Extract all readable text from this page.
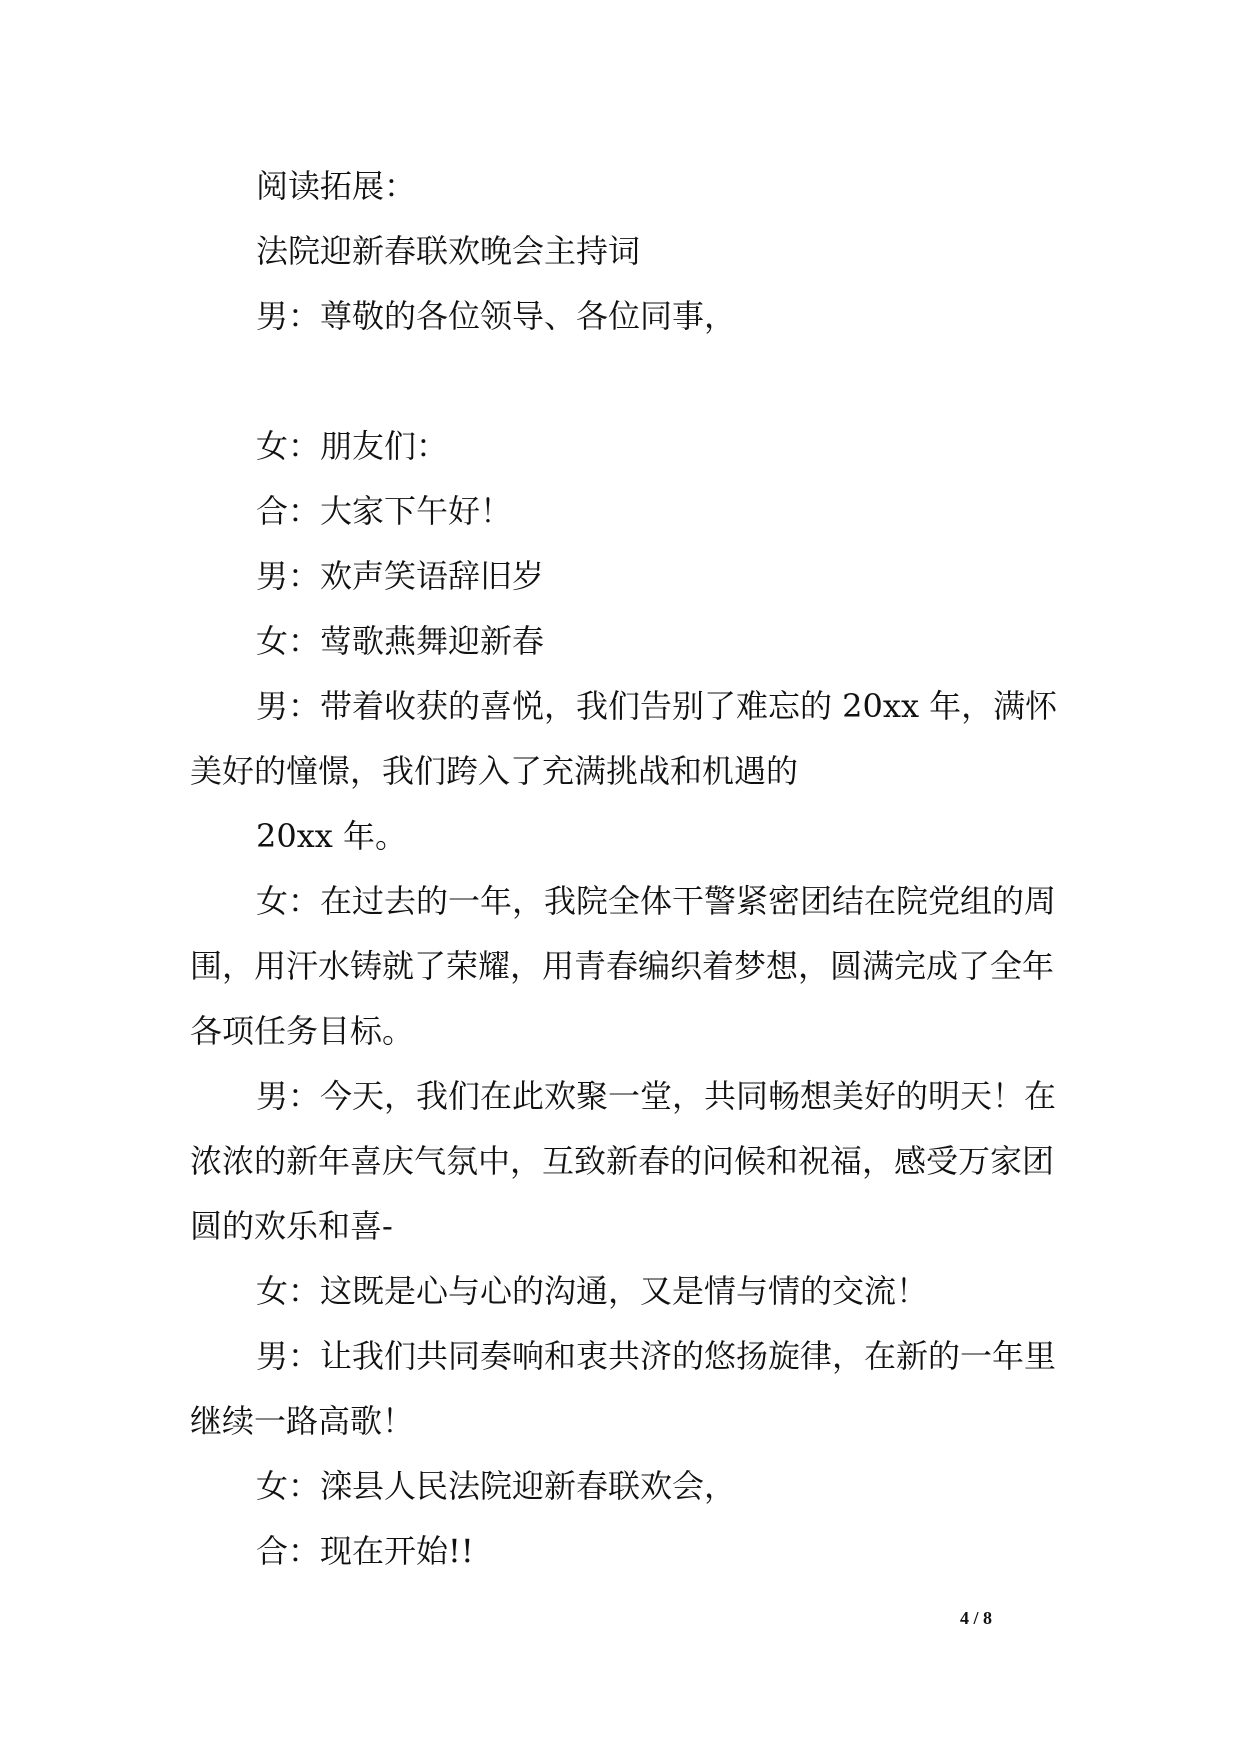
阅读拓展：

法院迎新春联欢晚会主持词

男：尊敬的各位领导、各位同事，

女：朋友们：

合：大家下午好！

男：欢声笑语辞旧岁

女：莺歌燕舞迎新春

男：带着收获的喜悦，我们告别了难忘的 20xx 年，满怀美好的憧憬，我们跨入了充满挑战和机遇的

20xx 年。

女：在过去的一年，我院全体干警紧密团结在院党组的周围，用汗水铸就了荣耀，用青春编织着梦想，圆满完成了全年各项任务目标。

男：今天，我们在此欢聚一堂，共同畅想美好的明天！在浓浓的新年喜庆气氛中，互致新春的问候和祝福，感受万家团圆的欢乐和喜-

女：这既是心与心的沟通，又是情与情的交流！

男：让我们共同奏响和衷共济的悠扬旋律，在新的一年里继续一路高歌！

女：滦县人民法院迎新春联欢会，

合：现在开始!!

4 / 8
